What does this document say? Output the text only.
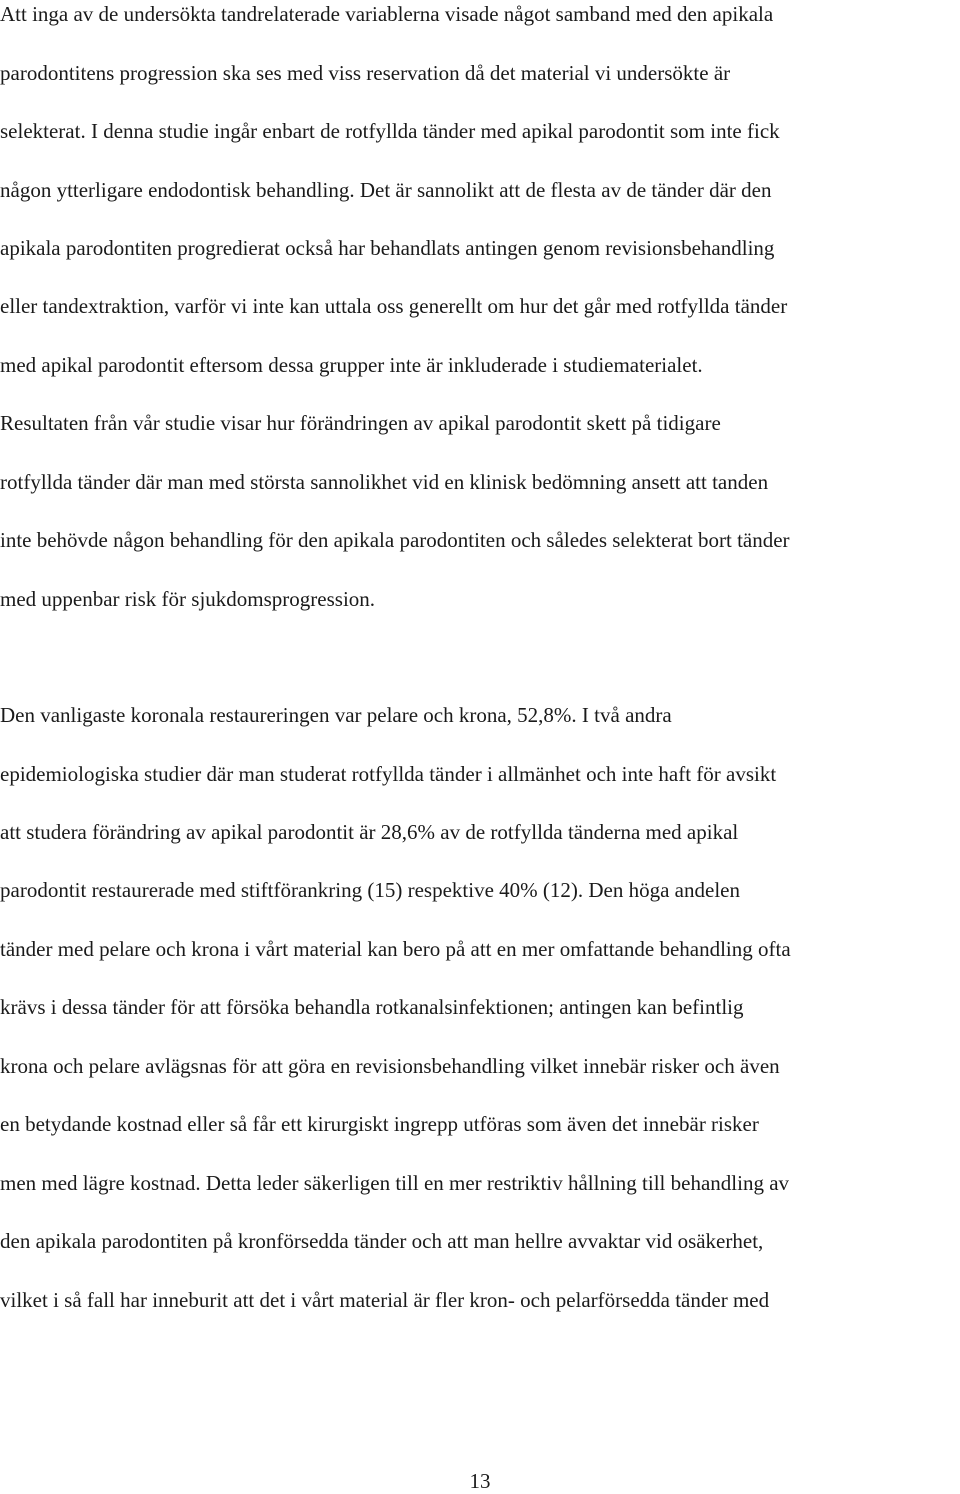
Att inga av de undersökta tandrelaterade variablerna visade något samband med den apikala
parodontitens progression ska ses med viss reservation då det material vi undersökte är
selekterat. I denna studie ingår enbart de rotfyllda tänder med apikal parodontit som inte fick
någon ytterligare endodontisk behandling. Det är sannolikt att de flesta av de tänder där den
apikala parodontiten progredierat också har behandlats antingen genom revisionsbehandling
eller tandextraktion, varför vi inte kan uttala oss generellt om hur det går med rotfyllda tänder
med apikal parodontit eftersom dessa grupper inte är inkluderade i studiematerialet.
Resultaten från vår studie visar hur förändringen av apikal parodontit skett på tidigare
rotfyllda tänder där man med största sannolikhet vid en klinisk bedömning ansett att tanden
inte behövde någon behandling för den apikala parodontiten och således selekterat bort tänder
med uppenbar risk för sjukdomsprogression.
Den vanligaste koronala restaureringen var pelare och krona, 52,8%. I två andra
epidemiologiska studier där man studerat rotfyllda tänder i allmänhet och inte haft för avsikt
att studera förändring av apikal parodontit är 28,6% av de rotfyllda tänderna med apikal
parodontit restaurerade med stiftförankring (15) respektive 40% (12). Den höga andelen
tänder med pelare och krona i vårt material kan bero på att en mer omfattande behandling ofta
krävs i dessa tänder för att försöka behandla rotkanalsinfektionen; antingen kan befintlig
krona och pelare avlägsnas för att göra en revisionsbehandling vilket innebär risker och även
en betydande kostnad eller så får ett kirurgiskt ingrepp utföras som även det innebär risker
men med lägre kostnad. Detta leder säkerligen till en mer restriktiv hållning till behandling av
den apikala parodontiten på kronförsedda tänder och att man hellre avvaktar vid osäkerhet,
vilket i så fall har inneburit att det i vårt material är fler kron- och pelarförsedda tänder med
13
